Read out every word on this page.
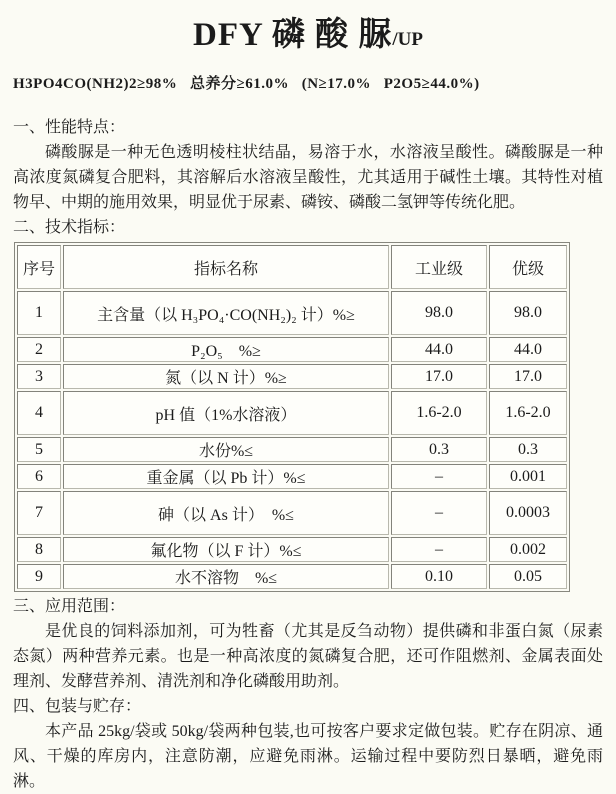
DFY 磷 酸 脲/UP
H3PO4CO(NH2)2≥98%   总养分≥61.0%   (N≥17.0%   P2O5≥44.0%)
一、性能特点：
磷酸脲是一种无色透明棱柱状结晶，易溶于水，水溶液呈酸性。磷酸脲是一种高浓度氮磷复合肥料，其溶解后水溶液呈酸性，尤其适用于碱性土壤。其特性对植物早、中期的施用效果，明显优于尿素、磷铵、磷酸二氢钾等传统化肥。
二、技术指标：
序号	指标名称	工业级	优级
1	主含量（以 H₃PO₄·CO(NH₂)₂ 计）%≥	98.0	98.0
2	P₂O₅　%≥	44.0	44.0
3	氮（以 N 计）%≥	17.0	17.0
4	pH 值（1%水溶液）	1.6-2.0	1.6-2.0
5	水份%≤	0.3	0.3
6	重金属（以 Pb 计）%≤	–	0.001
7	砷（以 As 计）　%≤	–	0.0003
8	氟化物（以 F 计）%≤	–	0.002
9	水不溶物　%≤	0.10	0.05
三、应用范围：
是优良的饲料添加剂，可为牲畜（尤其是反刍动物）提供磷和非蛋白氮（尿素态氮）两种营养元素。也是一种高浓度的氮磷复合肥，还可作阻燃剂、金属表面处理剂、发酵营养剂、清洗剂和净化磷酸用助剂。
四、包装与贮存：
本产品 25kg/袋或 50kg/袋两种包装,也可按客户要求定做包装。贮存在阴凉、通风、干燥的库房内，注意防潮，应避免雨淋。运输过程中要防烈日暴晒，避免雨淋。
